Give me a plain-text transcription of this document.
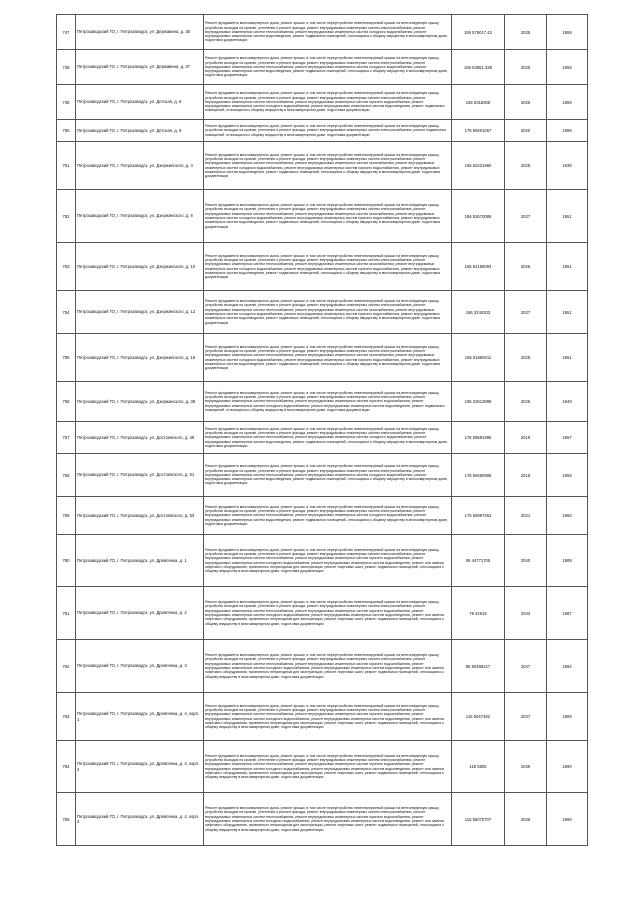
747	Петрозаводский ГО, г. Петрозаводск, ул. Державина, д. 35	Ремонт фундамента многоквартирного дома, ремонт крыши, в том числе переустройство невентилируемой крыши на вентилируемую крышу, устройство выходов на кровлю, утепление и ремонт фасада, ремонт внутридомовых инженерных систем электроснабжения, ремонт внутридомовых инженерных систем теплоснабжения, ремонт внутридомовых инженерных систем холодного водоснабжения, ремонт внутридомовых инженерных систем водоотведения, ремонт подвальных помещений, относящихся к общему имуществу в многоквартирном доме, подготовка документации	155 579017.42	2025	1959
748	Петрозаводский ГО, г. Петрозаводск, ул. Державина, д. 37	Ремонт фундамента многоквартирного дома, ремонт крыши, в том числе переустройство невентилируемой крыши на вентилируемую крышу, устройство выходов на кровлю, утепление и ремонт фасада, ремонт внутридомовых инженерных систем электроснабжения, ремонт внутридомовых инженерных систем теплоснабжения, ремонт внутридомовых инженерных систем холодного водоснабжения, ремонт внутридомовых инженерных систем водоотведения, ремонт подвальных помещений, относящихся к общему имуществу в многоквартирном доме, подготовка документации	155 53651.338	2025	1959
749	Петрозаводский ГО, г. Петрозаводск, ул. Детская, д. 6	Ремонт фундамента многоквартирного дома, ремонт крыши, в том числе переустройство невентилируемой крыши на вентилируемую крышу, устройство выходов на кровлю, утепление и ремонт фасада, ремонт внутридомовых инженерных систем электроснабжения, ремонт внутридомовых инженерных систем теплоснабжения, ремонт внутридомовых инженерных систем горячего водоснабжения, ремонт внутридомовых инженерных систем холодного водоснабжения, ремонт внутридомовых инженерных систем водоотведения, ремонт подвальных помещений, относящихся к общему имуществу в многоквартирном доме, подготовка документации	155 5318308	2026	1959
750	Петрозаводский ГО, г. Петрозаводск, ул. Детская, д. 9	Ремонт фундамента многоквартирного дома, ремонт крыши, в том числе переустройство невентилируемой крыши на вентилируемую крышу, устройство выходов на кровлю, утепление и ремонт фасада, ремонт внутридомовых инженерных систем электроснабжения, ремонт подвальных помещений, относящихся к общему имуществу в многоквартирном доме, подготовка документации	176 69401067	2020	1989
751	Петрозаводский ГО, г. Петрозаводск, ул. Дзержинского, д. 4	Ремонт фундамента многоквартирного дома, ремонт крыши, в том числе переустройство невентилируемой крыши на вентилируемую крышу, устройство выходов на кровлю, утепление и ремонт фасада, ремонт внутридомовых инженерных систем электроснабжения, ремонт внутридомовых инженерных систем теплоснабжения, ремонт внутридомовых инженерных систем газоснабжения, ремонт внутридомовых инженерных систем холодного водоснабжения, ремонт внутридомовых инженерных систем горячего водоснабжения, ремонт внутридомовых инженерных систем водоотведения, ремонт подвальных помещений, относящихся к общему имуществу в многоквартирном доме, подготовка документации	155 52221960	2028	1939
752	Петрозаводский ГО, г. Петрозаводск, ул. Дзержинского, д. 6	Ремонт фундамента многоквартирного дома, ремонт крыши, в том числе переустройство невентилируемой крыши на вентилируемую крышу, устройство выходов на кровлю, утепление и ремонт фасада, ремонт внутридомовых инженерных систем электроснабжения, ремонт внутридомовых инженерных систем теплоснабжения, ремонт внутридомовых инженерных систем газоснабжения, ремонт внутридомовых инженерных систем холодного водоснабжения, ремонт внутридомовых инженерных систем горячего водоснабжения, ремонт внутридомовых инженерных систем водоотведения, ремонт подвальных помещений, относящихся к общему имуществу в многоквартирном доме, подготовка документации	186 52670089	2027	1951
753	Петрозаводский ГО, г. Петрозаводск, ул. Дзержинского, д. 10	Ремонт фундамента многоквартирного дома, ремонт крыши, в том числе переустройство невентилируемой крыши на вентилируемую крышу, устройство выходов на кровлю, утепление и ремонт фасада, ремонт внутридомовых инженерных систем электроснабжения, ремонт внутридомовых инженерных систем теплоснабжения, ремонт внутридомовых инженерных систем газоснабжения, ремонт внутридомовых инженерных систем холодного водоснабжения, ремонт внутридомовых инженерных систем горячего водоснабжения, ремонт внутридомовых инженерных систем водоотведения, ремонт подвальных помещений, относящихся к общему имуществу в многоквартирном доме, подготовка документации	155 52195093	2026	1951
754	Петрозаводский ГО, г. Петрозаводск, ул. Дзержинского, д. 12	Ремонт фундамента многоквартирного дома, ремонт крыши, в том числе переустройство невентилируемой крыши на вентилируемую крышу, устройство выходов на кровлю, утепление и ремонт фасада, ремонт внутридомовых инженерных систем электроснабжения, ремонт внутридомовых инженерных систем теплоснабжения, ремонт внутридомовых инженерных систем газоснабжения, ремонт внутридомовых инженерных систем холодного водоснабжения, ремонт внутридомовых инженерных систем горячего водоснабжения, ремонт внутридомовых инженерных систем водоотведения, ремонт подвальных помещений, относящихся к общему имуществу в многоквартирном доме, подготовка документации	186 3240203	2027	1951
755	Петрозаводский ГО, г. Петрозаводск, ул. Дзержинского, д. 18	Ремонт фундамента многоквартирного дома, ремонт крыши, в том числе переустройство невентилируемой крыши на вентилируемую крышу, устройство выходов на кровлю, утепление и ремонт фасада, ремонт внутридомовых инженерных систем электроснабжения, ремонт внутридомовых инженерных систем теплоснабжения, ремонт внутридомовых инженерных систем газоснабжения, ремонт внутридомовых инженерных систем холодного водоснабжения, ремонт внутридомовых инженерных систем горячего водоснабжения, ремонт внутридомовых инженерных систем водоотведения, ремонт подвальных помещений, относящихся к общему имуществу в многоквартирном доме, подготовка документации	155 51689311	2028	1951
756	Петрозаводский ГО, г. Петрозаводск, ул. Дзержинского, д. 38	Ремонт фундамента многоквартирного дома, ремонт крыши, в том числе переустройство невентилируемой крыши на вентилируемую крышу, устройство выходов на кровлю, утепление и ремонт фасада, ремонт внутридомовых инженерных систем электроснабжения, ремонт внутридомовых инженерных систем теплоснабжения, ремонт внутридомовых инженерных систем горячего водоснабжения, ремонт внутридомовых инженерных систем холодного водоснабжения, ремонт внутридомовых инженерных систем водоотведения, ремонт подвальных помещений, относящихся к общему имуществу в многоквартирном доме, подготовка документации	186 22612898	2026	1949
757	Петрозаводский ГО, г. Петрозаводск, ул. Достоевского, д. 49	Ремонт фундамента многоквартирного дома, ремонт крыши, в том числе переустройство невентилируемой крыши на вентилируемую крышу, устройство выходов на кровлю, утепление и ремонт фасада, ремонт внутридомовых инженерных систем электроснабжения, ремонт внутридомовых инженерных систем теплоснабжения, ремонт внутридомовых инженерных систем холодного водоснабжения, ремонт внутридомовых инженерных систем водоотведения, ремонт подвальных помещений, относящихся к общему имуществу в многоквартирном доме, подготовка документации	176 59681995	2019	1957
758	Петрозаводский ГО, г. Петрозаводск, ул. Достоевского, д. 51	Ремонт фундамента многоквартирного дома, ремонт крыши, в том числе переустройство невентилируемой крыши на вентилируемую крышу, устройство выходов на кровлю, утепление и ремонт фасада, ремонт внутридомовых инженерных систем электроснабжения, ремонт внутридомовых инженерных систем теплоснабжения, ремонт внутридомовых инженерных систем холодного водоснабжения, ремонт внутридомовых инженерных систем водоотведения, ремонт подвальных помещений, относящихся к общему имуществу в многоквартирном доме, подготовка документации	176 59490998	2018	1959
759	Петрозаводский ГО, г. Петрозаводск, ул. Достоевского, д. 53	Ремонт фундамента многоквартирного дома, ремонт крыши, в том числе переустройство невентилируемой крыши на вентилируемую крышу, устройство выходов на кровлю, утепление и ремонт фасада, ремонт внутридомовых инженерных систем электроснабжения, ремонт внутридомовых инженерных систем теплоснабжения, ремонт внутридомовых инженерных систем холодного водоснабжения, ремонт внутридомовых инженерных систем водоотведения, ремонт подвальных помещений, относящихся к общему имуществу в многоквартирном доме, подготовка документации	175 55997453	2021	1960
760	Петрозаводский ГО, г. Петрозаводск, ул. Древлянка, д. 1	Ремонт фундамента многоквартирного дома, ремонт крыши, в том числе переустройство невентилируемой крыши на вентилируемую крышу, устройство выходов на кровлю, утепление и ремонт фасада, ремонт внутридомовых инженерных систем электроснабжения, ремонт внутридомовых инженерных систем теплоснабжения, ремонт внутридомовых инженерных систем горячего водоснабжения, ремонт внутридомовых инженерных систем холодного водоснабжения, ремонт внутридомовых инженерных систем водоотведения, ремонт или замена лифтового оборудования, признанного непригодным для эксплуатации, ремонт лифтовых шахт, ремонт подвальных помещений, относящихся к общему имуществу в многоквартирном доме, подготовка документации	95 44771705	2040	1989
761	Петрозаводский ГО, г. Петрозаводск, ул. Древлянка, д. 2	Ремонт фундамента многоквартирного дома, ремонт крыши, в том числе переустройство невентилируемой крыши на вентилируемую крышу, устройство выходов на кровлю, утепление и ремонт фасада, ремонт внутридомовых инженерных систем электроснабжения, ремонт внутридомовых инженерных систем теплоснабжения, ремонт внутридомовых инженерных систем горячего водоснабжения, ремонт внутридомовых инженерных систем холодного водоснабжения, ремонт внутридомовых инженерных систем водоотведения, ремонт или замена лифтового оборудования, признанного непригодным для эксплуатации, ремонт лифтовых шахт, ремонт подвальных помещений, относящихся к общему имуществу в многоквартирном доме, подготовка документации	78 42519	2043	1987
762	Петрозаводский ГО, г. Петрозаводск, ул. Древлянка, д. 3	Ремонт фундамента многоквартирного дома, ремонт крыши, в том числе переустройство невентилируемой крыши на вентилируемую крышу, устройство выходов на кровлю, утепление и ремонт фасада, ремонт внутридомовых инженерных систем электроснабжения, ремонт внутридомовых инженерных систем теплоснабжения, ремонт внутридомовых инженерных систем горячего водоснабжения, ремонт внутридомовых инженерных систем холодного водоснабжения, ремонт внутридомовых инженерных систем водоотведения, ремонт или замена лифтового оборудования, признанного непригодным для эксплуатации, ремонт лифтовых шахт, ремонт подвальных помещений, относящихся к общему имуществу в многоквартирном доме, подготовка документации	95 50486227	2047	1994
763	Петрозаводский ГО, г. Петрозаводск, ул. Древлянка, д. 4, корп. 1	Ремонт фундамента многоквартирного дома, ремонт крыши, в том числе переустройство невентилируемой крыши на вентилируемую крышу, устройство выходов на кровлю, утепление и ремонт фасада, ремонт внутридомовых инженерных систем электроснабжения, ремонт внутридомовых инженерных систем теплоснабжения, ремонт внутридомовых инженерных систем горячего водоснабжения, ремонт внутридомовых инженерных систем холодного водоснабжения, ремонт внутридомовых инженерных систем водоотведения, ремонт или замена лифтового оборудования, признанного непригодным для эксплуатации, ремонт лифтовых шахт, ремонт подвальных помещений, относящихся к общему имуществу в многоквартирном доме, подготовка документации	115 5047492	2037	1989
764	Петрозаводский ГО, г. Петрозаводск, ул. Древлянка, д. 4, корп. 2	Ремонт фундамента многоквартирного дома, ремонт крыши, в том числе переустройство невентилируемой крыши на вентилируемую крышу, устройство выходов на кровлю, утепление и ремонт фасада, ремонт внутридомовых инженерных систем электроснабжения, ремонт внутридомовых инженерных систем теплоснабжения, ремонт внутридомовых инженерных систем горячего водоснабжения, ремонт внутридомовых инженерных систем холодного водоснабжения, ремонт внутридомовых инженерных систем водоотведения, ремонт или замена лифтового оборудования, признанного непригодным для эксплуатации, ремонт лифтовых шахт, ремонт подвальных помещений, относящихся к общему имуществу в многоквартирном доме, подготовка документации	118 5505	2039	1990
765	Петрозаводский ГО, г. Петрозаводск, ул. Древлянка, д. 4, корп. 3	Ремонт фундамента многоквартирного дома, ремонт крыши, в том числе переустройство невентилируемой крыши на вентилируемую крышу, устройство выходов на кровлю, утепление и ремонт фасада, ремонт внутридомовых инженерных систем электроснабжения, ремонт внутридомовых инженерных систем теплоснабжения, ремонт внутридомовых инженерных систем горячего водоснабжения, ремонт внутридомовых инженерных систем холодного водоснабжения, ремонт внутридомовых инженерных систем водоотведения, ремонт или замена лифтового оборудования, признанного непригодным для эксплуатации, ремонт лифтовых шахт, ремонт подвальных помещений, относящихся к общему имуществу в многоквартирном доме, подготовка документации	115 55070707	2036	1990
